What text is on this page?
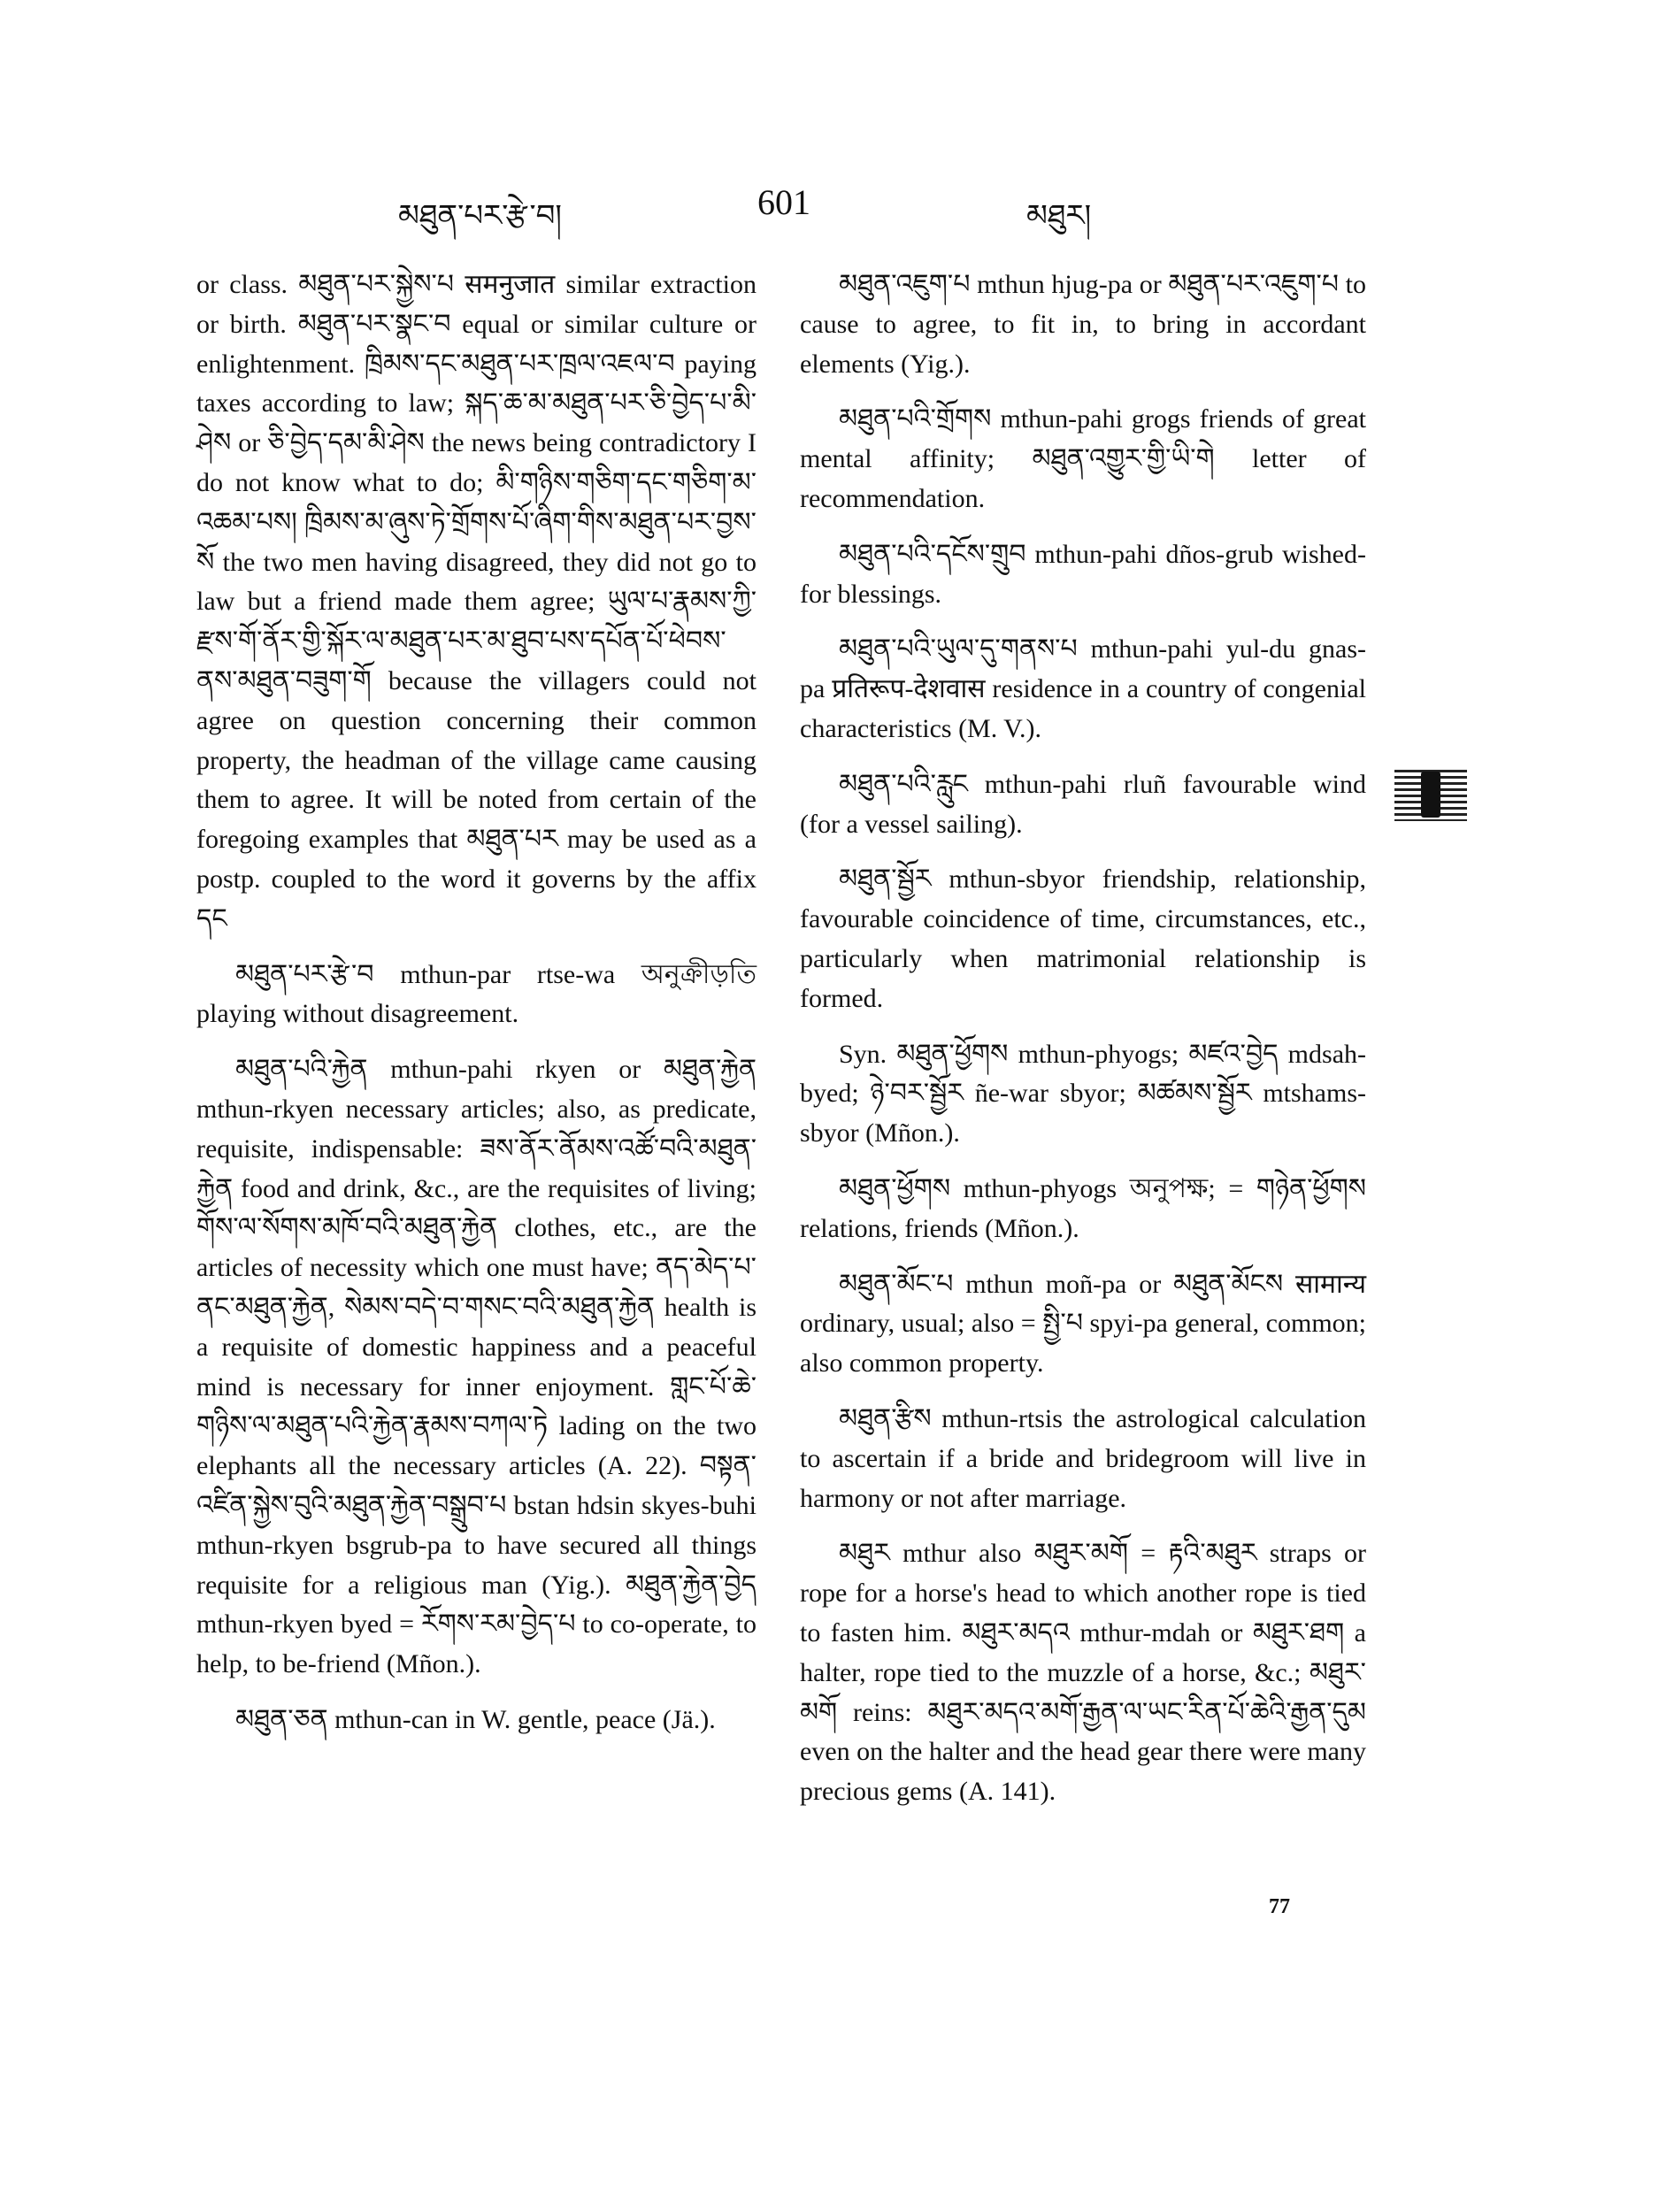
མཐུན་པར་རྩེ་བ།	601	མཐུར།

or class. མཐུན་པར་སྐྱེས་པ समनुजात similar extraction or birth. མཐུན་པར་སྣང་བ equal or similar culture or enlightenment. ཁྲིམས་དང་མཐུན་པར་ཁྲལ་འཇལ་བ paying taxes according to law; སྐད་ཆ་མ་མཐུན་པར་ཅི་བྱེད་པ་མི་ཤེས or ཅི་བྱེད་དམ་མི་ཤེས the news being contradictory I do not know what to do; མི་གཉིས་གཅིག་དང་གཅིག་མ་འཆམ་པས། ཁྲིམས་མ་ཞུས་ཏེ་གྲོགས་པོ་ཞིག་གིས་མཐུན་པར་བྱས་སོ the two men having disagreed, they did not go to law but a friend made them agree; ཡུལ་པ་རྣམས་ཀྱི་ རྫས་གོ་ནོར་གྱི་སྐོར་ལ་མཐུན་པར་མ་ཐུབ་པས་དཔོན་པོ་ཕེབས་ནས་མཐུན་བཟུག་གོ because the villagers could not agree on question concerning their common property, the headman of the village came causing them to agree. It will be noted from certain of the foregoing examples that མཐུན་པར may be used as a postp. coupled to the word it governs by the affix དང

མཐུན་པར་རྩེ་བ mthun-par rtse-wa অনুক্রীড়তি playing without disagreement.

མཐུན་པའི་རྐྱེན mthun-pahi rkyen or མཐུན་རྐྱེན mthun-rkyen necessary articles; also, as predicate, requisite, indispensable: ཟས་ནོར་ནོམས་འཚོ་བའི་མཐུན་རྐྱེན food and drink, &c., are the requisites of living; གོས་ལ་སོགས་མཁོ་བའི་མཐུན་རྐྱེན clothes, etc., are the articles of necessity which one must have; ནད་མེད་པ་ནང་མཐུན་རྐྱེན, སེམས་བདེ་བ་གསང་བའི་མཐུན་རྐྱེན health is a requisite of domestic happiness and a peaceful mind is necessary for inner enjoyment. གླང་པོ་ཆེ་གཉིས་ལ་མཐུན་པའི་རྐྱེན་རྣམས་བཀལ་ཏེ lading on the two elephants all the necessary articles (A. 22). བསྟན་འཛིན་སྐྱེས་བུའི་མཐུན་རྐྱེན་བསྒྲུབ་པ bstan hdsin skyes-buhi mthun-rkyen bsgrub-pa to have secured all things requisite for a religious man (Yig.). མཐུན་རྐྱེན་བྱེད mthun-rkyen byed = རོགས་རམ་བྱེད་པ to co-operate, to help, to be-friend (Mñon.).

མཐུན་ཅན mthun-can in W. gentle, peace (Jä.).

མཐུན་འཇུག་པ mthun hjug-pa or མཐུན་པར་འཇུག་པ to cause to agree, to fit in, to bring in accordant elements (Yig.).

མཐུན་པའི་གྲོགས mthun-pahi grogs friends of great mental affinity; མཐུན་འགྱུར་གྱི་ཡི་གེ letter of recommendation.

མཐུན་པའི་དངོས་གྲུབ mthun-pahi dños-grub wished-for blessings.

མཐུན་པའི་ཡུལ་དུ་གནས་པ mthun-pahi yul-du gnas-pa प्रतिरूप-देशवास residence in a country of congenial characteristics (M. V.).

མཐུན་པའི་རླུང mthun-pahi rluñ favourable wind (for a vessel sailing).

མཐུན་སྦྱོར mthun-sbyor friendship, relationship, favourable coincidence of time, circumstances, etc., particularly when matrimonial relationship is formed.

Syn. མཐུན་ཕྱོགས mthun-phyogs; མཛའ་བྱེད mdsah-byed; ཉེ་བར་སྦྱོར ñe-war sbyor; མཚམས་སྦྱོར mtshams-sbyor (Mñon.).

མཐུན་ཕྱོགས mthun-phyogs অনুপক্ষ; = གཉེན་ཕྱོགས relations, friends (Mñon.).

མཐུན་མོང་པ mthun moñ-pa or མཐུན་མོངས सामान्य ordinary, usual; also = སྤྱི་པ spyi-pa general, common; also common property.

མཐུན་རྩིས mthun-rtsis the astrological calculation to ascertain if a bride and bridegroom will live in harmony or not after marriage.

མཐུར mthur also མཐུར་མགོ = རྟའི་མཐུར straps or rope for a horse's head to which another rope is tied to fasten him. མཐུར་མདའ mthur-mdah or མཐུར་ཐག a halter, rope tied to the muzzle of a horse, &c.; མཐུར་མགོ reins: མཐུར་མདའ་མགོ་རྒྱན་ལ་ཡང་རིན་པོ་ཆེའི་རྒྱན་དུམ even on the halter and the head gear there were many precious gems (A. 141).

77
